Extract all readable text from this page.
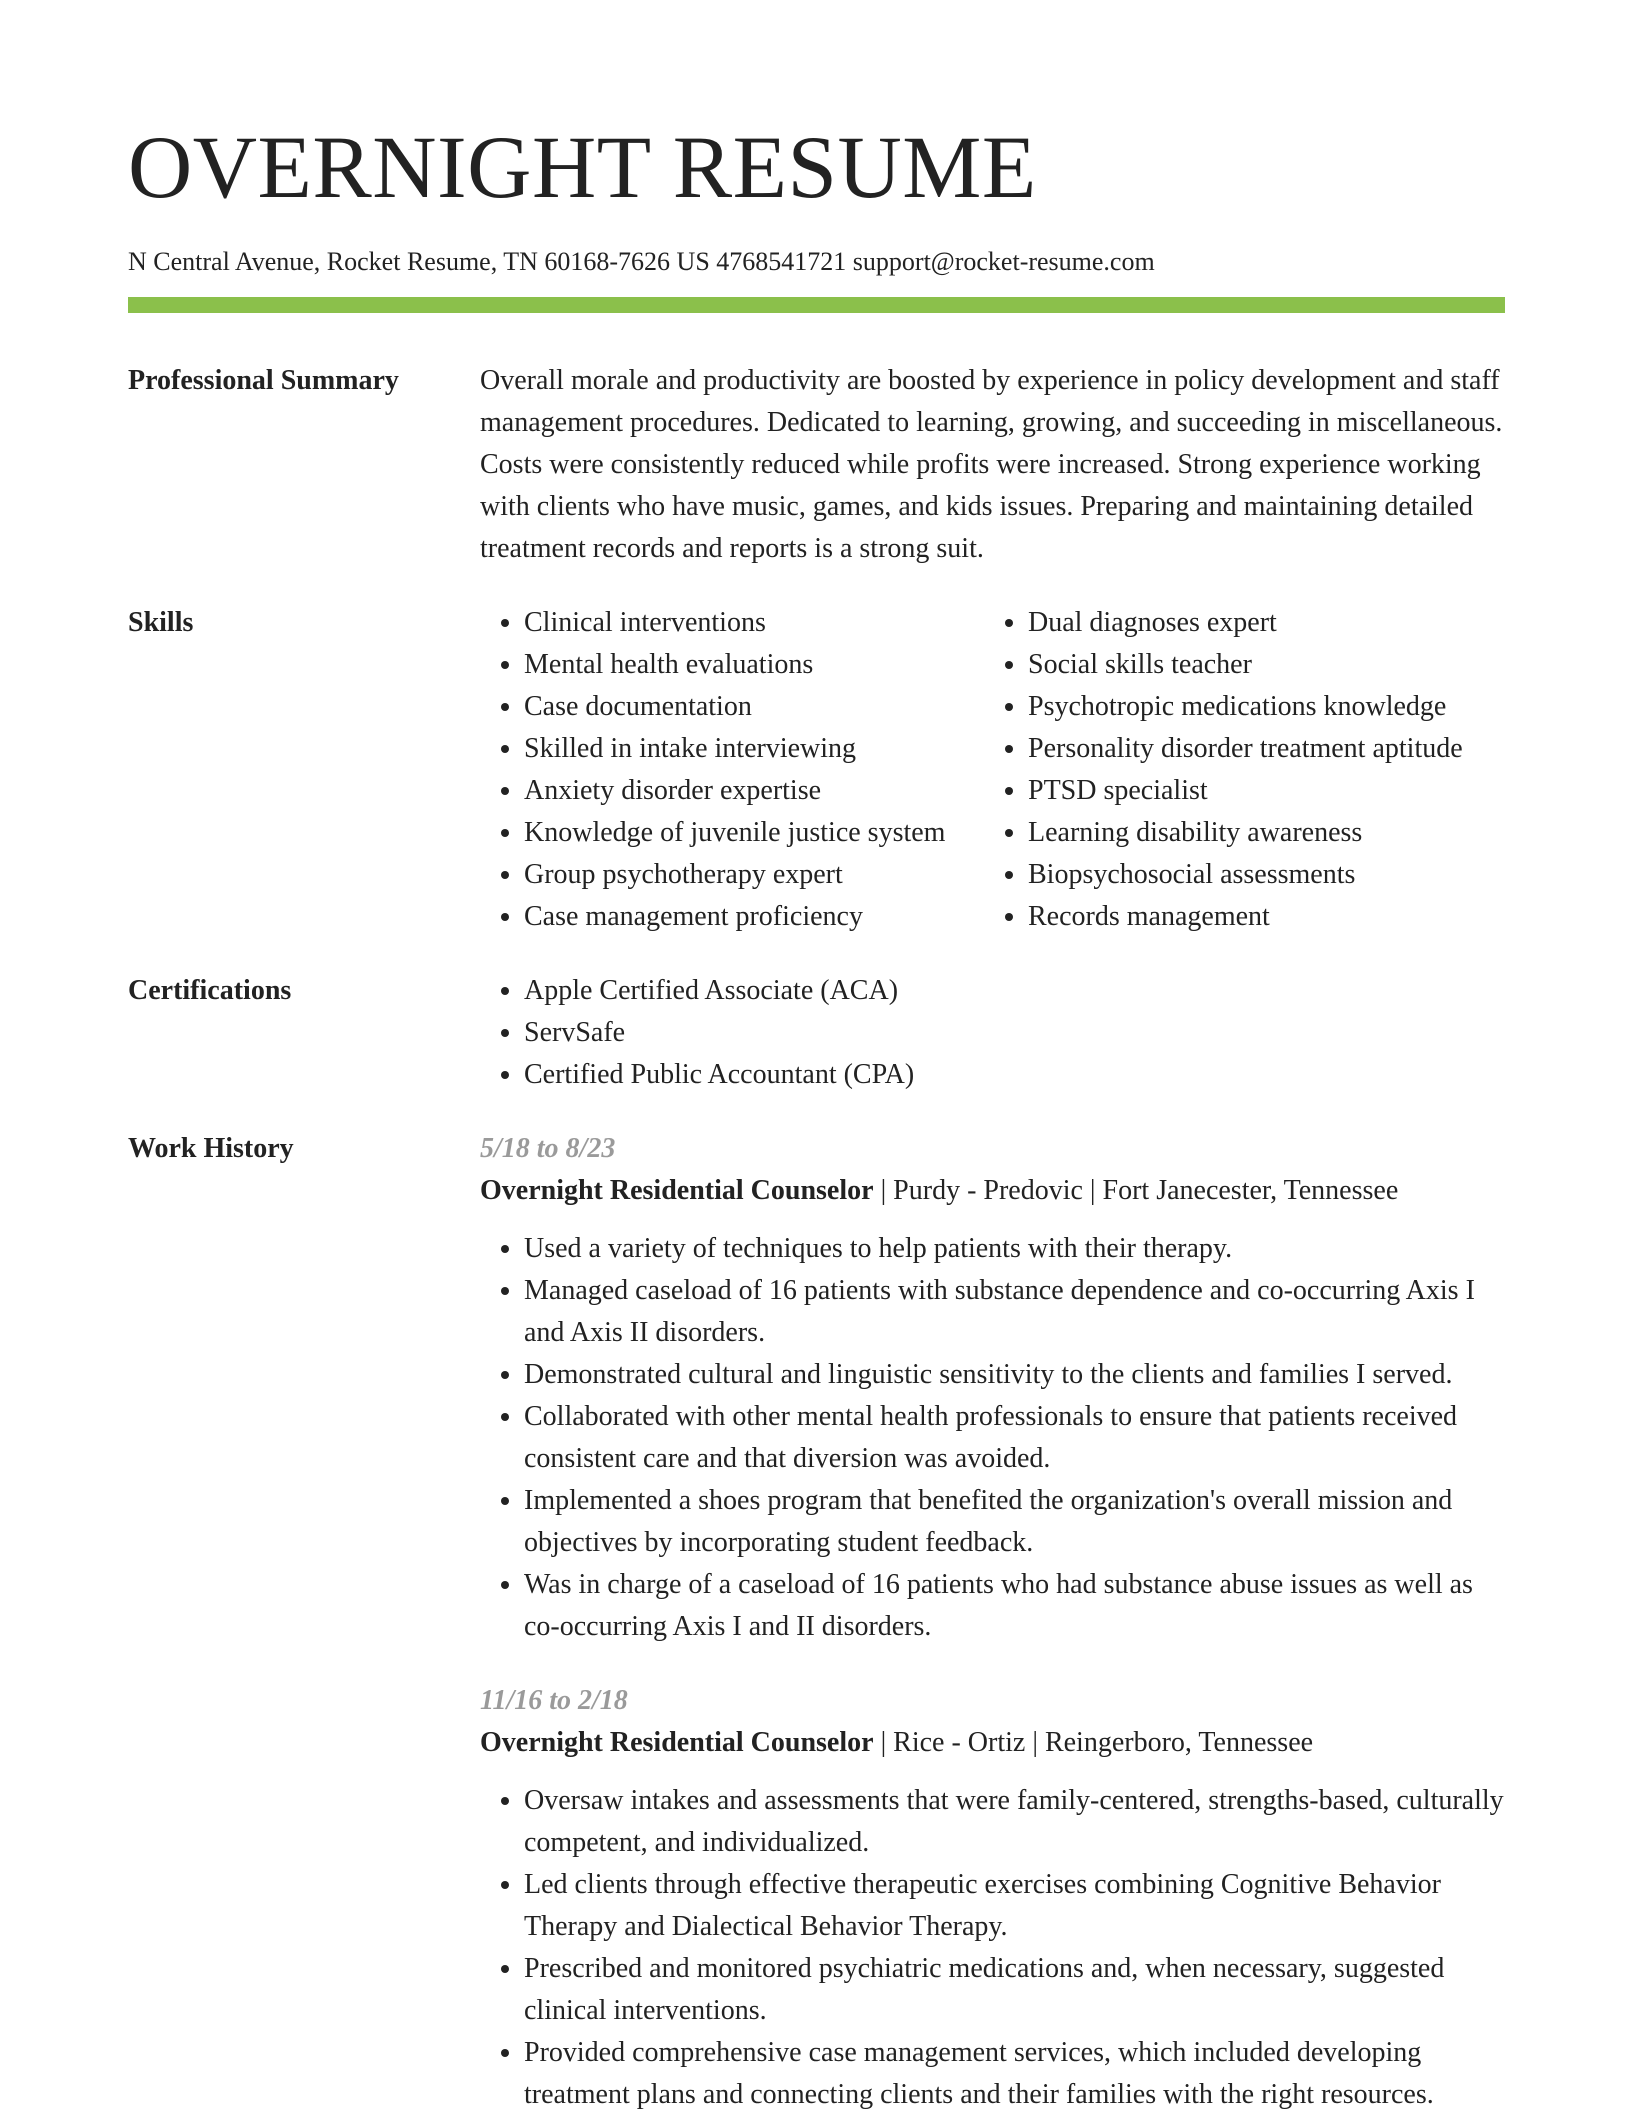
OVERNIGHT RESUME
N Central Avenue, Rocket Resume, TN 60168-7626 US 4768541721 support@rocket-resume.com
Professional Summary	Overall morale and productivity are boosted by experience in policy development and staff management procedures. Dedicated to learning, growing, and succeeding in miscellaneous. Costs were consistently reduced while profits were increased. Strong experience working with clients who have music, games, and kids issues. Preparing and maintaining detailed treatment records and reports is a strong suit.
Skills	• Clinical interventions
• Mental health evaluations
• Case documentation
• Skilled in intake interviewing
• Anxiety disorder expertise
• Knowledge of juvenile justice system
• Group psychotherapy expert
• Case management proficiency
• Dual diagnoses expert
• Social skills teacher
• Psychotropic medications knowledge
• Personality disorder treatment aptitude
• PTSD specialist
• Learning disability awareness
• Biopsychosocial assessments
• Records management
Certifications	• Apple Certified Associate (ACA)
• ServSafe
• Certified Public Accountant (CPA)
Work History	5/18 to 8/23
Overnight Residential Counselor | Purdy - Predovic | Fort Janecester, Tennessee
• Used a variety of techniques to help patients with their therapy.
• Managed caseload of 16 patients with substance dependence and co-occurring Axis I and Axis II disorders.
• Demonstrated cultural and linguistic sensitivity to the clients and families I served.
• Collaborated with other mental health professionals to ensure that patients received consistent care and that diversion was avoided.
• Implemented a shoes program that benefited the organization's overall mission and objectives by incorporating student feedback.
• Was in charge of a caseload of 16 patients who had substance abuse issues as well as co-occurring Axis I and II disorders.
11/16 to 2/18
Overnight Residential Counselor | Rice - Ortiz | Reingerboro, Tennessee
• Oversaw intakes and assessments that were family-centered, strengths-based, culturally competent, and individualized.
• Led clients through effective therapeutic exercises combining Cognitive Behavior Therapy and Dialectical Behavior Therapy.
• Prescribed and monitored psychiatric medications and, when necessary, suggested clinical interventions.
• Provided comprehensive case management services, which included developing treatment plans and connecting clients and their families with the right resources.
